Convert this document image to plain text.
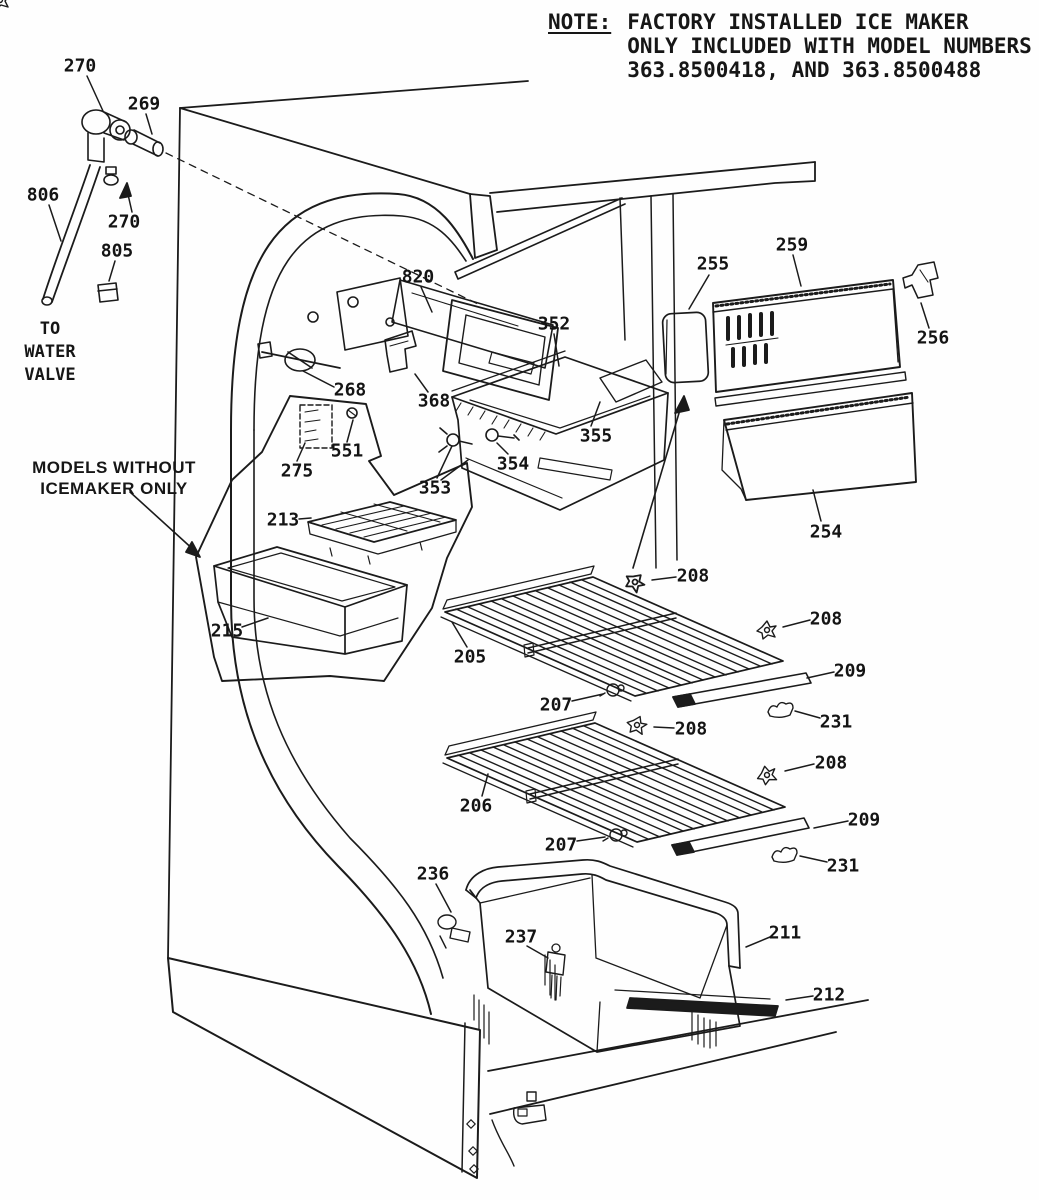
NOTE: FACTORY INSTALLED ICE MAKER
ONLY INCLUDED WITH MODEL NUMBERS
363.8500418, AND 363.8500488
TO
WATER
VALVE
MODELS WITHOUT
ICEMAKER ONLY
270
269
806
270
805
820
352
268
368
355
354
353
551
275
213
215
255
259
256
254
208
208
205
209
207
231
208
208
206
209
207
231
236
237	211
212
